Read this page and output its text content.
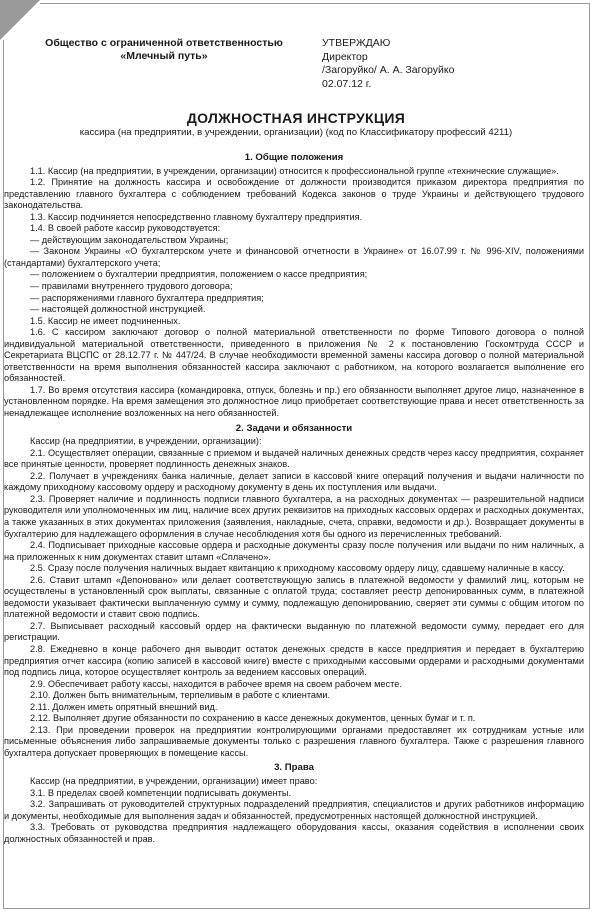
Общество с ограниченной ответственностью
«Млечный путь»
УТВЕРЖДАЮ
Директор
/Загоруйко/ А. А. Загоруйко
02.07.12 г.
ДОЛЖНОСТНАЯ ИНСТРУКЦИЯ
кассира (на предприятии, в учреждении, организации) (код по Классификатору профессий 4211)
1. Общие положения

1.1. Кассир (на предприятии, в учреждении, организации) относится к профессиональной группе «технические служащие».

1.2. Принятие на должность кассира и освобождение от должности производится приказом директора предприятия по представлению главного бухгалтера с соблюдением требований Кодекса законов о труде Украины и действующего трудового законодательства.

1.3. Кассир подчиняется непосредственно главному бухгалтеру предприятия.

1.4. В своей работе кассир руководствуется:

— действующим законодательством Украины;

— Законом Украины «О бухгалтерском учете и финансовой отчетности в Украине» от 16.07.99 г. № 996-XIV, положениями (стандартами) бухгалтерского учета;

— положением о бухгалтерии предприятия, положением о кассе предприятия;

— правилами внутреннего трудового договора;

— распоряжениями главного бухгалтера предприятия;

— настоящей должностной инструкцией.

1.5. Кассир не имеет подчиненных.

1.6. С кассиром заключают договор о полной материальной ответственности по форме Типового договора о полной индивидуальной материальной ответственности, приведенного в приложения № 2 к постановлению Госкомтруда СССР и Секретариата ВЦСПС от 28.12.77 г. № 447/24. В случае необходимости временной замены кассира договор о полной материальной ответственности на время выполнения обязанностей кассира заключают с работником, на которого возлагается выполнение его обязанностей.

1.7. Во время отсутствия кассира (командировка, отпуск, болезнь и пр.) его обязанности выполняет другое лицо, назначенное в установленном порядке. На время замещения это должностное лицо приобретает соответствующие права и несет ответственность за ненадлежащее исполнение возложенных на него обязанностей.

2. Задачи и обязанности

Кассир (на предприятии, в учреждении, организации):

2.1. Осуществляет операции, связанные с приемом и выдачей наличных денежных средств через кассу предприятия, сохраняет все принятые ценности, проверяет подлинность денежных знаков.

2.2. Получает в учреждениях банка наличные, делает записи в кассовой книге операций получения и выдачи наличности по каждому приходному кассовому ордеру и расходному документу в день их поступления или выдачи.

2.3. Проверяет наличие и подлинность подписи главного бухгалтера, а на расходных документах — разрешительной надписи руководителя или уполномоченных им лиц, наличие всех других реквизитов на приходных кассовых ордерах и расходных документах, а также указанных в этих документах приложения (заявления, накладные, счета, справки, ведомости и др.). Возвращает документы в бухгалтерию для надлежащего оформления в случае несоблюдения хотя бы одного из перечисленных требований.

2.4. Подписывает приходные кассовые ордера и расходные документы сразу после получения или выдачи по ним наличных, а на приложенных к ним документах ставит штамп «Сплачено».

2.5. Сразу после получения наличных выдает квитанцию к приходному кассовому ордеру лицу, сдавшему наличные в кассу.

2.6. Ставит штамп «Депоновано» или делает соответствующую запись в платежной ведомости у фамилий лиц, которым не осуществлены в установленный срок выплаты, связанные с оплатой труда; составляет реестр депонированных сумм, в платежной ведомости указывает фактически выплаченную сумму и сумму, подлежащую депонированию, сверяет эти суммы с общим итогом по платежной ведомости и ставит свою подпись.

2.7. Выписывает расходный кассовый ордер на фактически выданную по платежной ведомости сумму, передает его для регистрации.

2.8. Ежедневно в конце рабочего дня выводит остаток денежных средств в кассе предприятия и передает в бухгалтерию предприятия отчет кассира (копию записей в кассовой книге) вместе с приходными кассовыми ордерами и расходными документами под подпись лица, которое осуществляет контроль за ведением кассовых операций.

2.9. Обеспечивает работу кассы, находится в рабочее время на своем рабочем месте.

2.10. Должен быть внимательным, терпеливым в работе с клиентами.

2.11. Должен иметь опрятный внешний вид.

2.12. Выполняет другие обязанности по сохранению в кассе денежных документов, ценных бумаг и т. п.

2.13. При проведении проверок на предприятии контролирующими органами предоставляет их сотрудникам устные или письменные объяснения либо запрашиваемые документы только с разрешения главного бухгалтера. Также с разрешения главного бухгалтера допускает проверяющих в помещение кассы.

3. Права

Кассир (на предприятии, в учреждении, организации) имеет право:

3.1. В пределах своей компетенции подписывать документы.

3.2. Запрашивать от руководителей структурных подразделений предприятия, специалистов и других работников информацию и документы, необходимые для выполнения задач и обязанностей, предусмотренных настоящей должностной инструкцией.

3.3. Требовать от руководства предприятия надлежащего оборудования кассы, оказания содействия в исполнении своих должностных обязанностей и прав.
